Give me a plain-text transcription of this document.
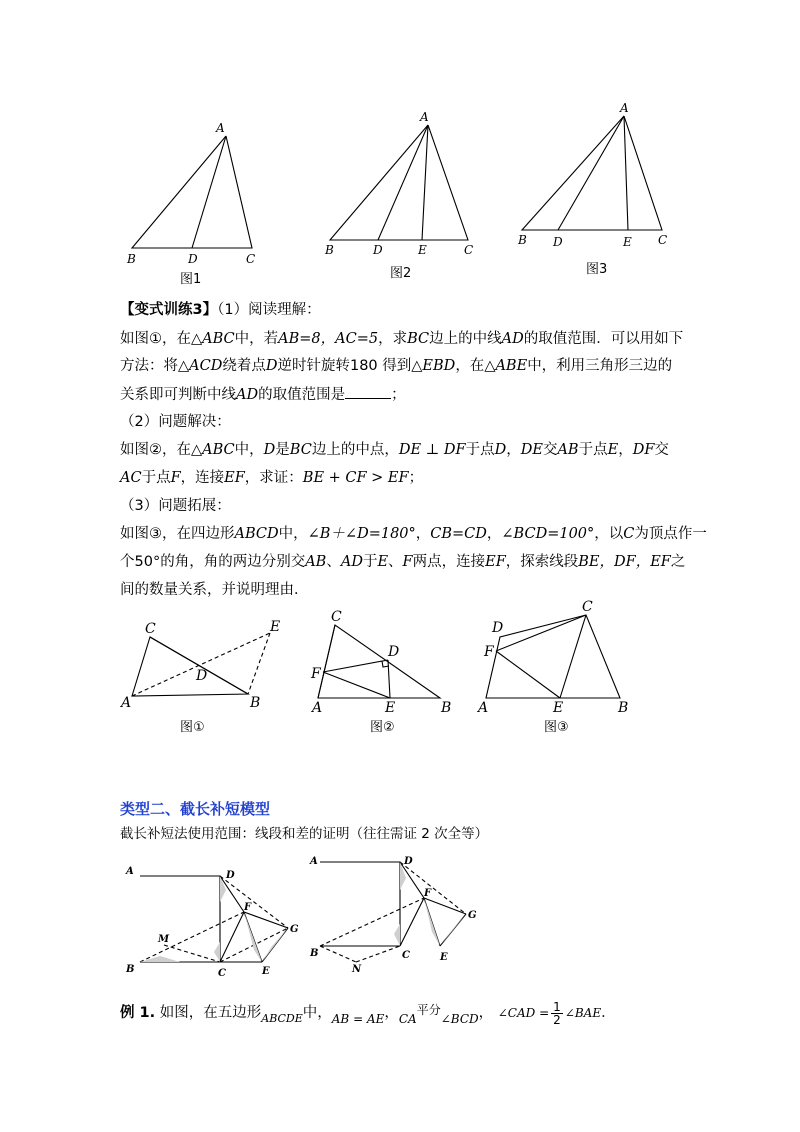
A
B	D	C
A
B	D	E	C
A
B D	E C
C	E
D
A	B
C
D
F
A	E	B
C
D
F
A	E	B
A	D
F
G
M
B	C	E
A	D
F
G
B	C	E
N
图1	图2	图3
【变式训练3】（1）阅读理解：
如图①，在△ABC中，若AB=8，AC=5，求BC边上的中线AD的取值范围．可以用如下
方法：将△ACD绕着点D逆时针旋转180 得到△EBD，在△ABE中，利用三角形三边的
关系即可判断中线AD的取值范围是	；
（2）问题解决：
如图②，在△ABC中，D是BC边上的中点，DE ⊥ DF于点D，DE交AB于点E，DF交
AC于点F，连接EF，求证：BE + CF > EF；
（3）问题拓展：
如图③，在四边形ABCD中，∠B＋∠D=180°，CB=CD，∠BCD=100°，以C为顶点作一
个50°的角，角的两边分别交AB、AD于E、F两点，连接EF，探索线段BE，DF，EF之
间的数量关系，并说明理由．
图①	图②	图③
类型二、截长补短模型
截长补短法使用范围：线段和差的证明（往往需证 2 次全等）
例 1. 如图，在五边形$_{ABCDE}$中，$_{AB = AE}$，$_{CA}^{平分}_{\angle BCD}$， ∠CAD = $\frac{1}{2}$ ∠BAE．
